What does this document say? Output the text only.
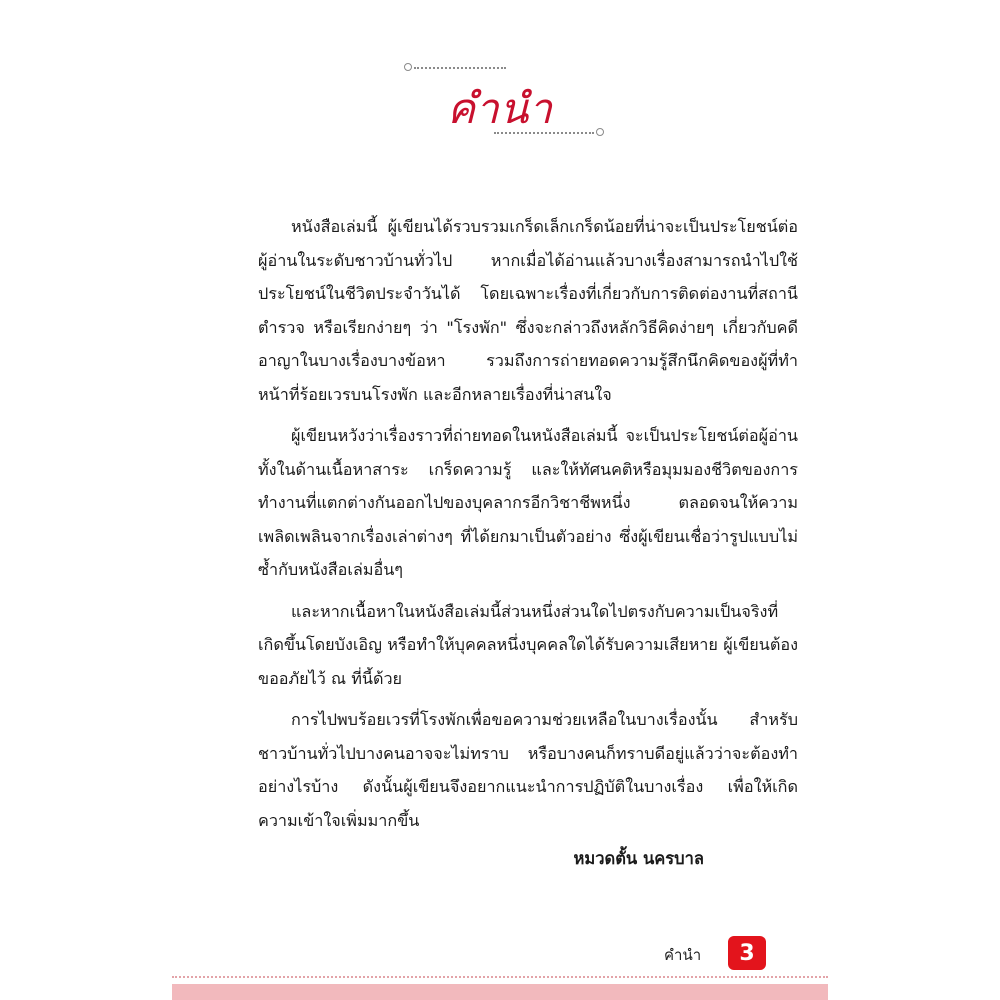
คำนำ

หนังสือเล่มนี้ ผู้เขียนได้รวบรวมเกร็ดเล็กเกร็ดน้อยที่น่าจะเป็นประโยชน์ต่อผู้อ่านในระดับชาวบ้านทั่วไป หากเมื่อได้อ่านแล้วบางเรื่องสามารถนำไปใช้ประโยชน์ในชีวิตประจำวันได้ โดยเฉพาะเรื่องที่เกี่ยวกับการติดต่องานที่สถานีตำรวจ หรือเรียกง่ายๆ ว่า "โรงพัก" ซึ่งจะกล่าวถึงหลักวิธีคิดง่ายๆ เกี่ยวกับคดีอาญาในบางเรื่องบางข้อหา รวมถึงการถ่ายทอดความรู้สึกนึกคิดของผู้ที่ทำหน้าที่ร้อยเวรบนโรงพัก และอีกหลายเรื่องที่น่าสนใจ

ผู้เขียนหวังว่าเรื่องราวที่ถ่ายทอดในหนังสือเล่มนี้ จะเป็นประโยชน์ต่อผู้อ่านทั้งในด้านเนื้อหาสาระ เกร็ดความรู้ และให้ทัศนคติหรือมุมมองชีวิตของการทำงานที่แตกต่างกันออกไปของบุคลากรอีกวิชาชีพหนึ่ง ตลอดจนให้ความเพลิดเพลินจากเรื่องเล่าต่างๆ ที่ได้ยกมาเป็นตัวอย่าง ซึ่งผู้เขียนเชื่อว่ารูปแบบไม่ซ้ำกับหนังสือเล่มอื่นๆ

และหากเนื้อหาในหนังสือเล่มนี้ส่วนหนึ่งส่วนใดไปตรงกับความเป็นจริงที่เกิดขึ้นโดยบังเอิญ หรือทำให้บุคคลหนึ่งบุคคลใดได้รับความเสียหาย ผู้เขียนต้องขออภัยไว้ ณ ที่นี้ด้วย

การไปพบร้อยเวรที่โรงพักเพื่อขอความช่วยเหลือในบางเรื่องนั้น สำหรับชาวบ้านทั่วไปบางคนอาจจะไม่ทราบ หรือบางคนก็ทราบดีอยู่แล้วว่าจะต้องทำอย่างไรบ้าง ดังนั้นผู้เขียนจึงอยากแนะนำการปฏิบัติในบางเรื่อง เพื่อให้เกิดความเข้าใจเพิ่มมากขึ้น

หมวดตั้น นครบาล
คำนำ	3
